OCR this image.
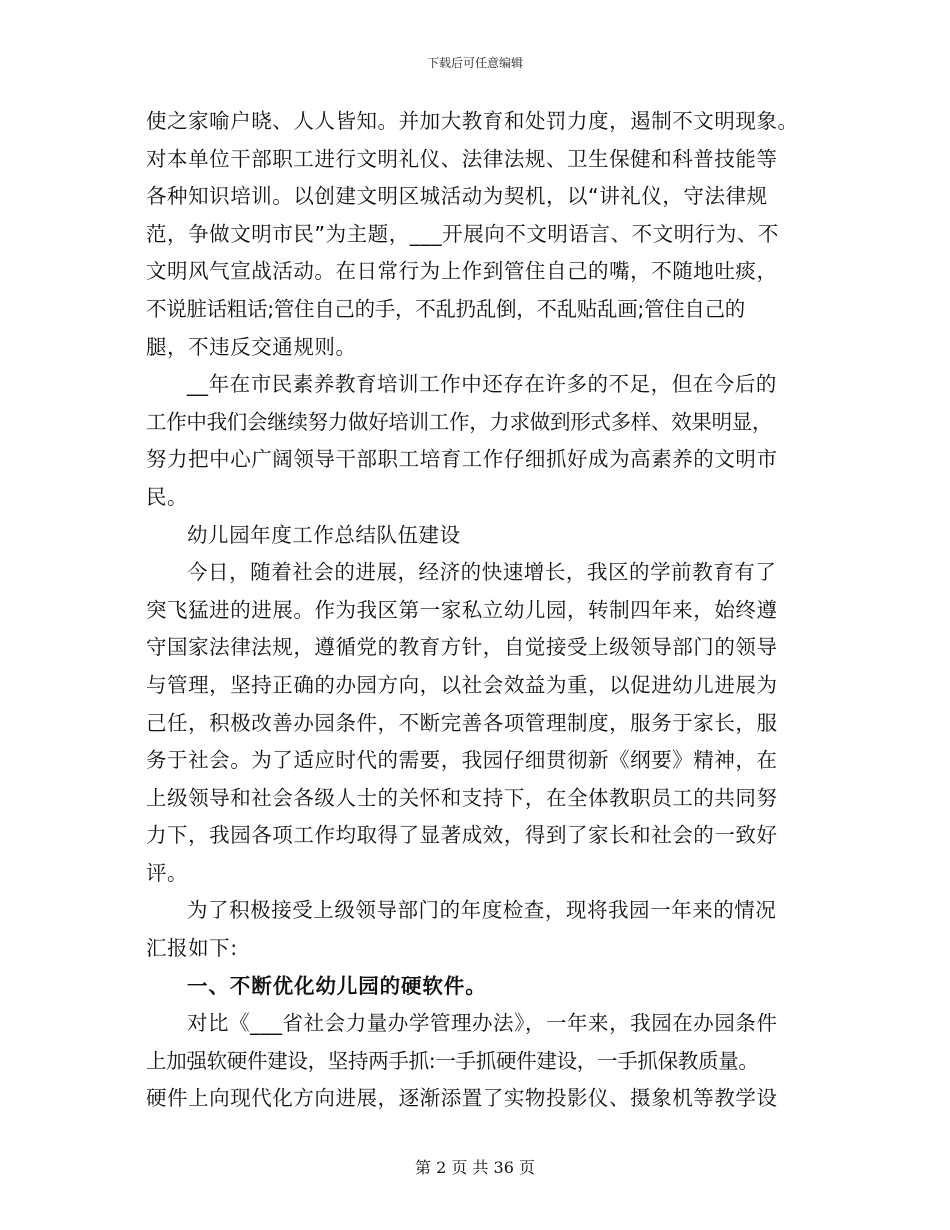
下载后可任意编辑
使之家喻户晓、人人皆知。并加大教育和处罚力度，遏制不文明现象。
对本单位干部职工进行文明礼仪、法律法规、卫生保健和科普技能等
各种知识培训。以创建文明区城活动为契机，以“讲礼仪，守法律规
范，争做文明市民”为主题，___开展向不文明语言、不文明行为、不
文明风气宣战活动。在日常行为上作到管住自己的嘴，不随地吐痰，
不说脏话粗话;管住自己的手，不乱扔乱倒，不乱贴乱画;管住自己的
腿，不违反交通规则。
__年在市民素养教育培训工作中还存在许多的不足，但在今后的
工作中我们会继续努力做好培训工作，力求做到形式多样、效果明显，
努力把中心广阔领导干部职工培育工作仔细抓好成为高素养的文明市
民。
幼儿园年度工作总结队伍建设
今日，随着社会的进展，经济的快速增长，我区的学前教育有了
突飞猛进的进展。作为我区第一家私立幼儿园，转制四年来，始终遵
守国家法律法规，遵循党的教育方针，自觉接受上级领导部门的领导
与管理，坚持正确的办园方向，以社会效益为重，以促进幼儿进展为
己任，积极改善办园条件，不断完善各项管理制度，服务于家长，服
务于社会。为了适应时代的需要，我园仔细贯彻新《纲要》精神，在
上级领导和社会各级人士的关怀和支持下，在全体教职员工的共同努
力下，我园各项工作均取得了显著成效，得到了家长和社会的一致好
评。
为了积极接受上级领导部门的年度检查，现将我园一年来的情况
汇报如下:
一、不断优化幼儿园的硬软件。
对比《___省社会力量办学管理办法》，一年来，我园在办园条件
上加强软硬件建设，坚持两手抓:一手抓硬件建设，一手抓保教质量。
硬件上向现代化方向进展，逐渐添置了实物投影仪、摄象机等教学设
第 2 页 共 36 页
